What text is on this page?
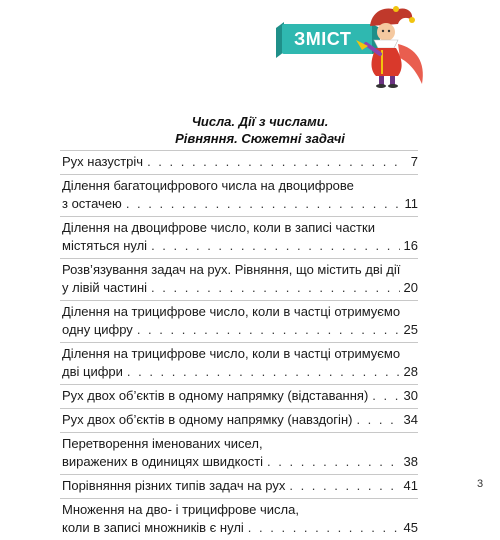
ЗМІСТ
Числа. Дії з числами.
Рівняння. Сюжетні задачі
Рух назустріч . . .	7
Ділення багатоцифрового числа на двоцифрове
з остачею . . .	11
Ділення на двоцифрове число, коли в записі частки
містяться нулі . . .	16
Розв’язування задач на рух. Рівняння, що містить дві дії
у лівій частині . . .	20
Ділення на трицифрове число, коли в частці отримуємо
одну цифру . . .	25
Ділення на трицифрове число, коли в частці отримуємо
дві цифри . . .	28
Рух двох об’єктів в одному напрямку (відставання) . . .	30
Рух двох об’єктів в одному напрямку (навздогін) . . .	34
Перетворення іменованих чисел,
виражених в одиницях швидкості . . .	38
Порівняння різних типів задач на рух . . .	41
Множення на дво- і трицифрове числа,
коли в записі множників є нулі . . .	45
3
